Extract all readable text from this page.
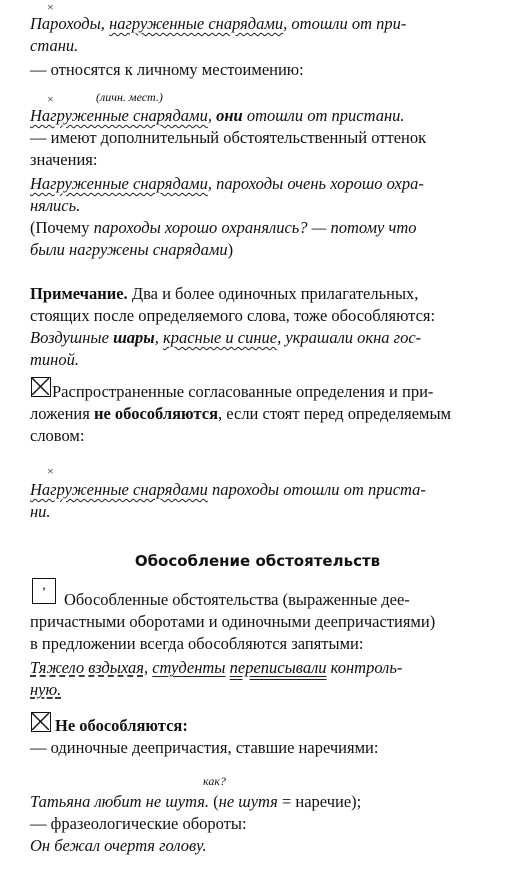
×
Пароходы, нагруженные снарядами, отошли от при-
стани.
— относятся к личному местоимению:
×	(личн. мест.)
Нагруженные снарядами, они отошли от пристани.
— имеют дополнительный обстоятельственный оттенок
значения:
Нагруженные снарядами, пароходы очень хорошо охра-
нялись.
(Почему пароходы хорошо охранялись? — потому что
были нагружены снарядами)
Примечание. Два и более одиночных прилагательных,
стоящих после определяемого слова, тоже обособляются:
Воздушные шары, красные и синие, украшали окна гос-
тиной.
Распространенные согласованные определения и при-
ложения не обособляются, если стоят перед определяемым
словом:
×
Нагруженные снарядами пароходы отошли от приста-
ни.
Обособление обстоятельств
,
Обособленные обстоятельства (выраженные дее-
причастными оборотами и одиночными деепричастиями)
в предложении всегда обособляются запятыми:
Тяжело вздыхая, студенты переписывали контроль-
ную.
Не обособляются:
— одиночные деепричастия, ставшие наречиями:
как?
Татьяна любит не шутя. (не шутя = наречие);
— фразеологические обороты:
Он бежал очертя голову.
